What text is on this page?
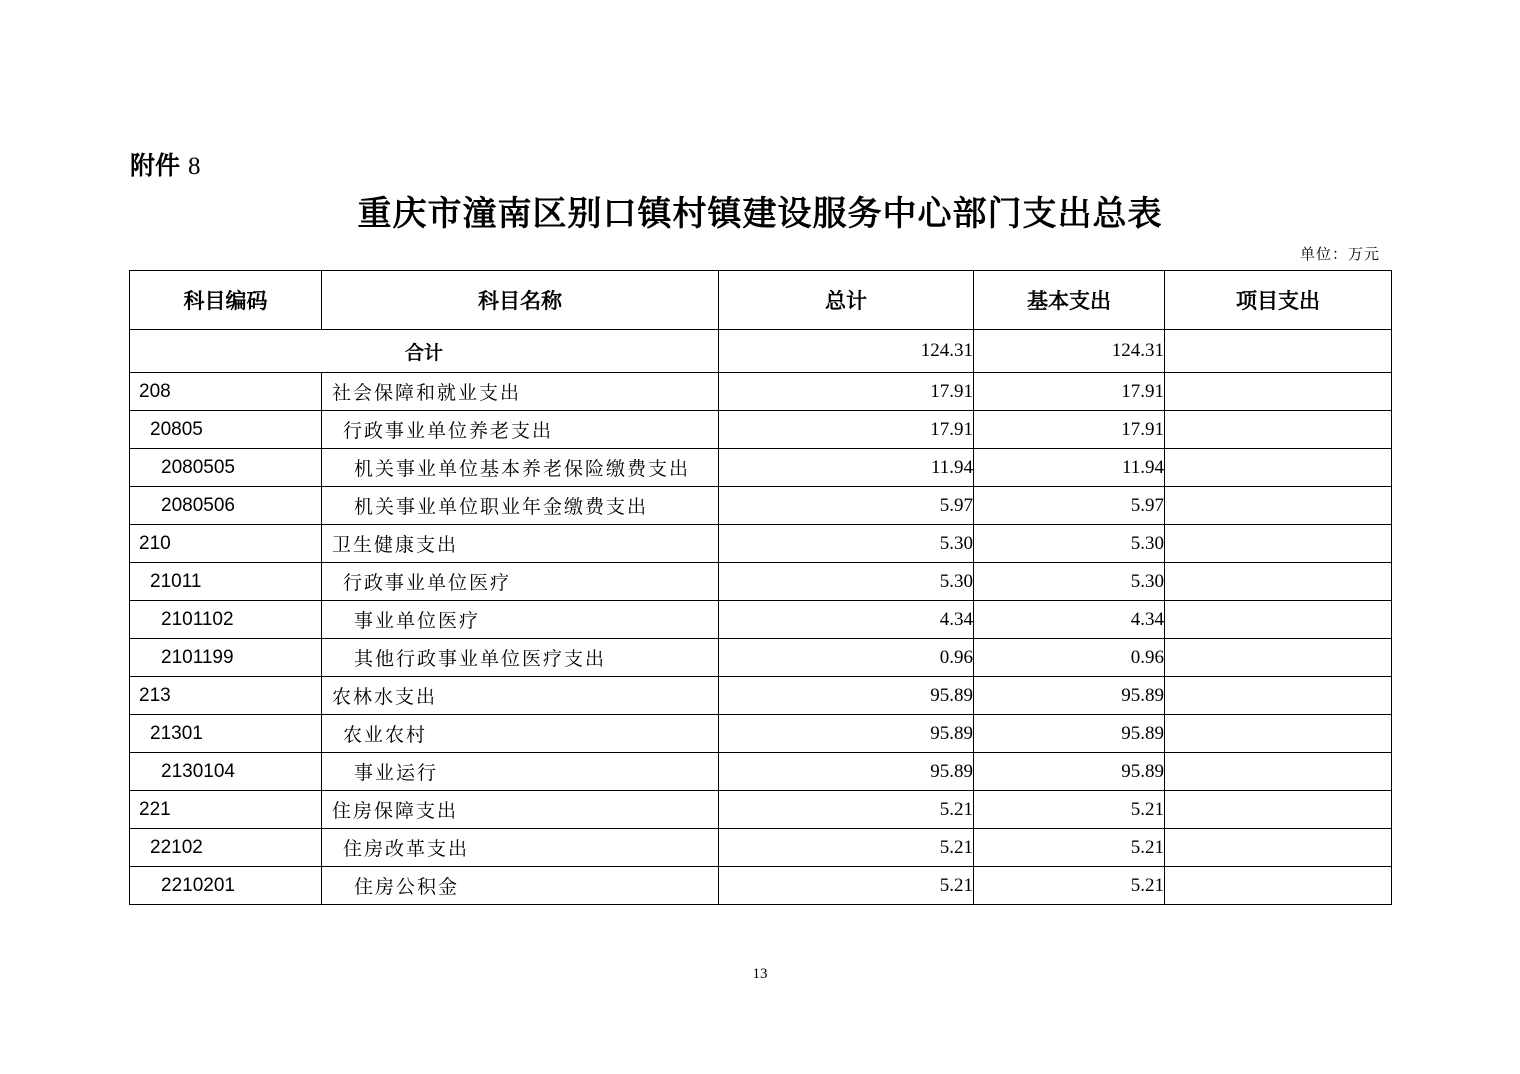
附件 8
重庆市潼南区别口镇村镇建设服务中心部门支出总表
单位：万元
科目编码	科目名称	总计	基本支出	项目支出
合计		124.31	124.31	
208	社会保障和就业支出	17.91	17.91	
20805	行政事业单位养老支出	17.91	17.91	
2080505	机关事业单位基本养老保险缴费支出	11.94	11.94	
2080506	机关事业单位职业年金缴费支出	5.97	5.97	
210	卫生健康支出	5.30	5.30	
21011	行政事业单位医疗	5.30	5.30	
2101102	事业单位医疗	4.34	4.34	
2101199	其他行政事业单位医疗支出	0.96	0.96	
213	农林水支出	95.89	95.89	
21301	农业农村	95.89	95.89	
2130104	事业运行	95.89	95.89	
221	住房保障支出	5.21	5.21	
22102	住房改革支出	5.21	5.21	
2210201	住房公积金	5.21	5.21	
13
